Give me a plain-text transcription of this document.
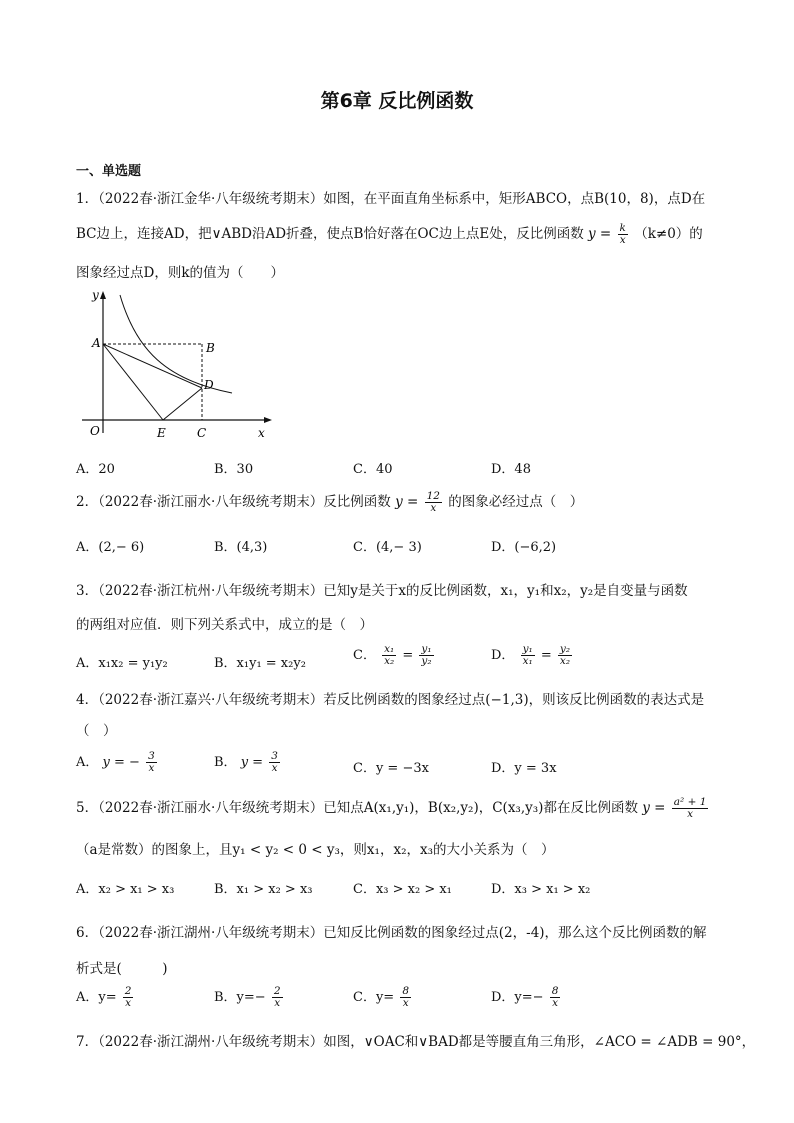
第6章 反比例函数
一、单选题
1．（2022春·浙江金华·八年级统考期末）如图，在平面直角坐标系中，矩形ABCO，点B(10，8)，点D在
BC边上，连接AD，把∨ABD沿AD折叠，使点B恰好落在OC边上点E处，反比例函数 $y = \frac{k}{x} (k\ne 0)$的
图象经过点D，则k的值为（　　）
y
x
O
A	B
D
E	C
A．20	B．30	C．40	D．48
2．（2022春·浙江丽水·八年级统考期末）反比例函数 $y = \frac{12}{x}$ 的图象必经过点（　）
A．(2,− 6)	B．(4,3)	C．(4,− 3)	D．(−6,2)
3．（2022春·浙江杭州·八年级统考期末）已知y是关于x的反比例函数，x₁，y₁和x₂，y₂是自变量与函数
的两组对应值．则下列关系式中，成立的是（　）
A．x₁x₂ = y₁y₂	B．x₁y₁ = x₂y₂
C． $\frac{\text{x₁}}{\text{x₂}} = \frac{\text{y₁}}{\text{y₂}}$	D． $\frac{\text{y₁}}{\text{x₁}} = \frac{\text{y₂}}{\text{x₂}}$
4．（2022春·浙江嘉兴·八年级统考期末）若反比例函数的图象经过点(−1,3)，则该反比例函数的表达式是
（　）
A． y = − $\frac{3}{x}$	B． $y = \frac{3}{x}$	C．y = −3x	D．y = 3x
5．（2022春·浙江丽水·八年级统考期末）已知点A(x₁,y₁)，B(x₂,y₂)，C(x₃,y₃)都在反比例函数 $y = \frac{\text{a² + 1}}{x}$
（a是常数）的图象上，且y₁ < y₂ < 0 < y₃，则x₁，x₂，x₃的大小关系为（　）
A．x₂ > x₁ > x₃	B．x₁ > x₂ > x₃	C．x₃ > x₂ > x₁	D．x₃ > x₁ > x₂
6．（2022春·浙江湖州·八年级统考期末）已知反比例函数的图象经过点(2，-4)，那么这个反比例函数的解
析式是(　　　)
A．$y= \frac{2}{x}$	B．$y=- \frac{2}{x}$	C．$y= \frac{8}{x}$	D．$y=- \frac{8}{x}$
7．（2022春·浙江湖州·八年级统考期末）如图，∨OAC和∨BAD都是等腰直角三角形，∠ACO = ∠ADB = 90°，
